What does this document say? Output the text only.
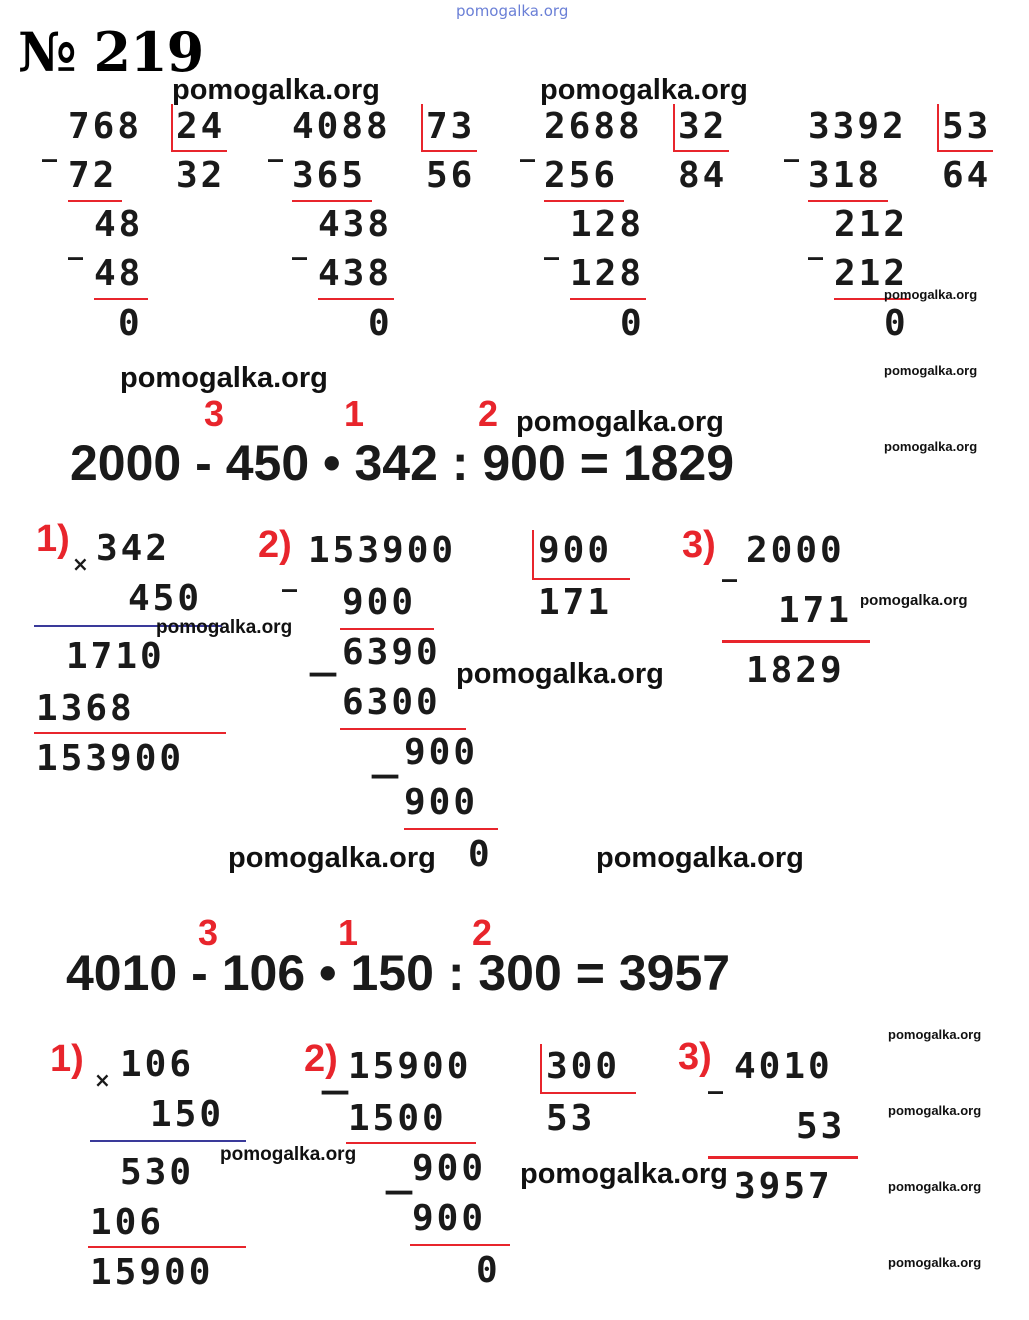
pomogalka.org
№ 219
_ 768 24
32
72
_ 48
48
0
_ 4088 73
56
365
_ 438
438
0
_ 2688 32
84
256
_ 128
128
0
_ 3392 53
64
318
_ 212
212
0
3	1	2
2000 - 450 • 342 : 900 = 1829
1)
× 342
450
1710
1368
153900
2)
_
153900 900
171
900
6390
—
6300
900
—
900
0
3) _ 2000
171
1829
3	1	2
4010 - 106 • 150 : 300 = 3957
1) × 106
150
530
106
15900
2)
—
15900 300
53
1500
900
—
900
0
3)
_ 4010
53
3957
pomogalka.org	pomogalka.org
pomogalka.org
pomogalka.org
pomogalka.org
pomogalka.org	pomogalka.org
pomogalka.org
pomogalka.org
pomogalka.org
pomogalka.org
pomogalka.org
pomogalka.org
pomogalka.org
pomogalka.org
pomogalka.org
pomogalka.org
pomogalka.org
